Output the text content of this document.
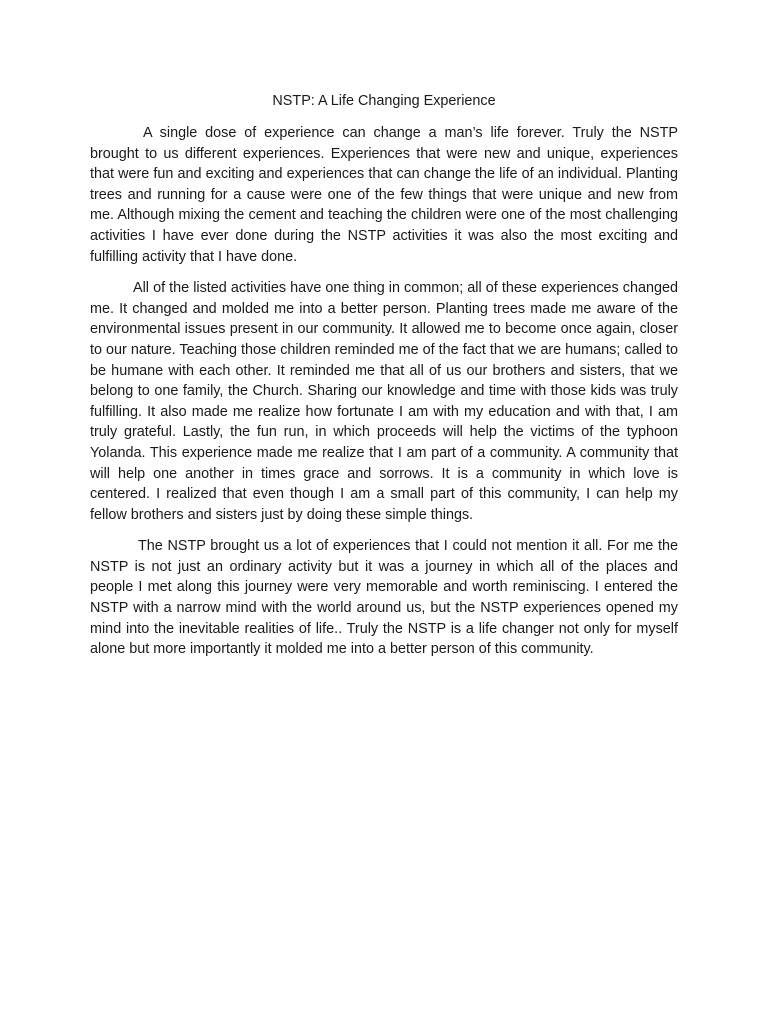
NSTP: A Life Changing Experience

A single dose of experience can change a man’s life forever. Truly the NSTP brought to us different experiences. Experiences that were new and unique, experiences that were fun and exciting and experiences that can change the life of an individual. Planting trees and running for a cause were one of the few things that were unique and new from me. Although mixing the cement and teaching the children were one of the most challenging activities I have ever done during the NSTP activities it was also the most exciting and fulfilling activity that I have done.

All of the listed activities have one thing in common; all of these experiences changed me. It changed and molded me into a better person. Planting trees made me aware of the environmental issues present in our community. It allowed me to become once again, closer to our nature. Teaching those children reminded me of the fact that we are humans; called to be humane with each other. It reminded me that all of us our brothers and sisters, that we belong to one family, the Church. Sharing our knowledge and time with those kids was truly fulfilling. It also made me realize how fortunate I am with my education and with that, I am truly grateful. Lastly, the fun run, in which proceeds will help the victims of the typhoon Yolanda. This experience made me realize that I am part of a community. A community that will help one another in times grace and sorrows. It is a community in which love is centered. I realized that even though I am a small part of this community, I can help my fellow brothers and sisters just by doing these simple things.

The NSTP brought us a lot of experiences that I could not mention it all. For me the NSTP is not just an ordinary activity but it was a journey in which all of the places and people I met along this journey were very memorable and worth reminiscing. I entered the NSTP with a narrow mind with the world around us, but the NSTP experiences opened my mind into the inevitable realities of life.. Truly the NSTP is a life changer not only for myself alone but more importantly it molded me into a better person of this community.
